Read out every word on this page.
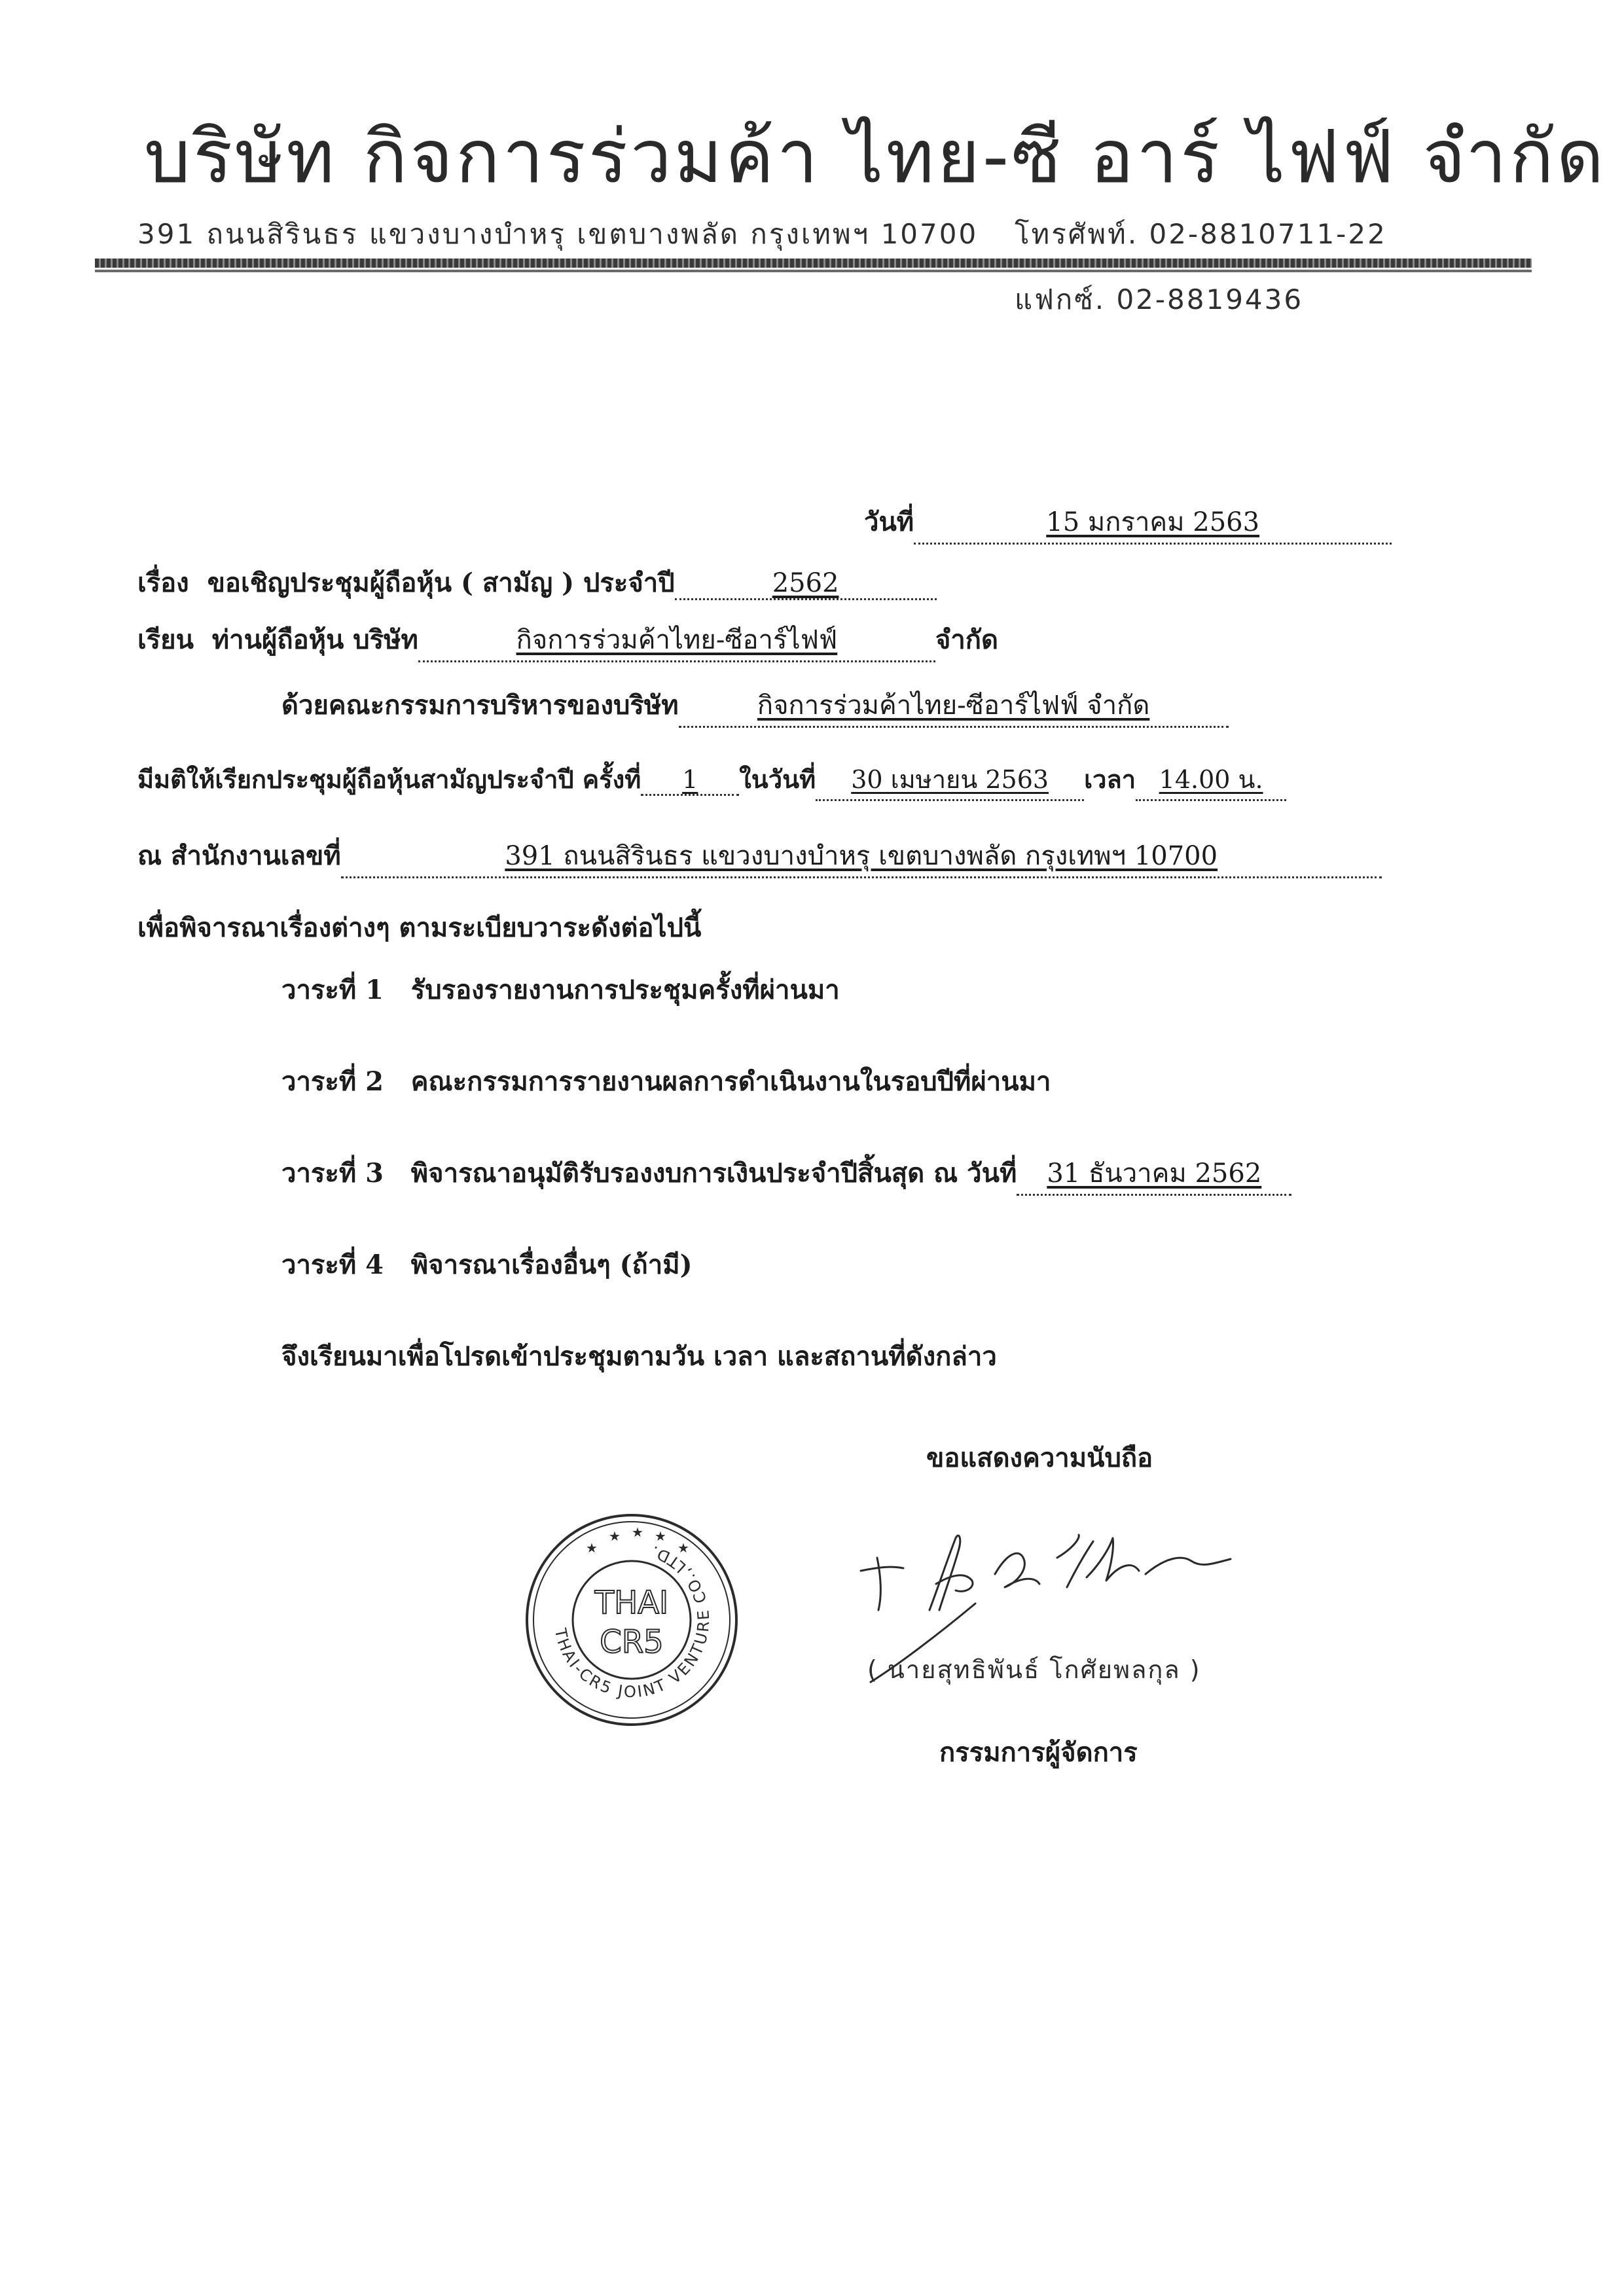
บริษัท กิจการร่วมค้า ไทย-ซี อาร์ ไฟฟ์ จำกัด
391 ถนนสิรินธร แขวงบางบำหรุ เขตบางพลัด กรุงเทพฯ 10700 โทรศัพท์. 02-8810711-22
แฟกซ์. 02-8819436
วันที่	15 มกราคม 2563
เรื่อง ขอเชิญประชุมผู้ถือหุ้น ( สามัญ ) ประจำปี	2562
เรียน ท่านผู้ถือหุ้น บริษัท	กิจการร่วมค้าไทย-ซีอาร์ไฟฟ์	จำกัด
ด้วยคณะกรรมการบริหารของบริษัท	กิจการร่วมค้าไทย-ซีอาร์ไฟฟ์ จำกัด
มีมติให้เรียกประชุมผู้ถือหุ้นสามัญประจำปี ครั้งที่ 1 ในวันที่ 30 เมษายน 2563 เวลา 14.00 น.
ณ สำนักงานเลขที่	391 ถนนสิรินธร แขวงบางบำหรุ เขตบางพลัด กรุงเทพฯ 10700
เพื่อพิจารณาเรื่องต่างๆ ตามระเบียบวาระดังต่อไปนี้
วาระที่ 1 รับรองรายงานการประชุมครั้งที่ผ่านมา
วาระที่ 2 คณะกรรมการรายงานผลการดำเนินงานในรอบปีที่ผ่านมา
วาระที่ 3 พิจารณาอนุมัติรับรองงบการเงินประจำปีสิ้นสุด ณ วันที่ 31 ธันวาคม 2562
วาระที่ 4 พิจารณาเรื่องอื่นๆ (ถ้ามี)
จึงเรียนมาเพื่อโปรดเข้าประชุมตามวัน เวลา และสถานที่ดังกล่าว
ขอแสดงความนับถือ
THAI-CR5 JOINT VENTURE CO.,LTD.
THAI
CR5
★
★ ★ ★
★
( นายสุทธิพันธ์ โกศัยพลกุล )
กรรมการผู้จัดการ
